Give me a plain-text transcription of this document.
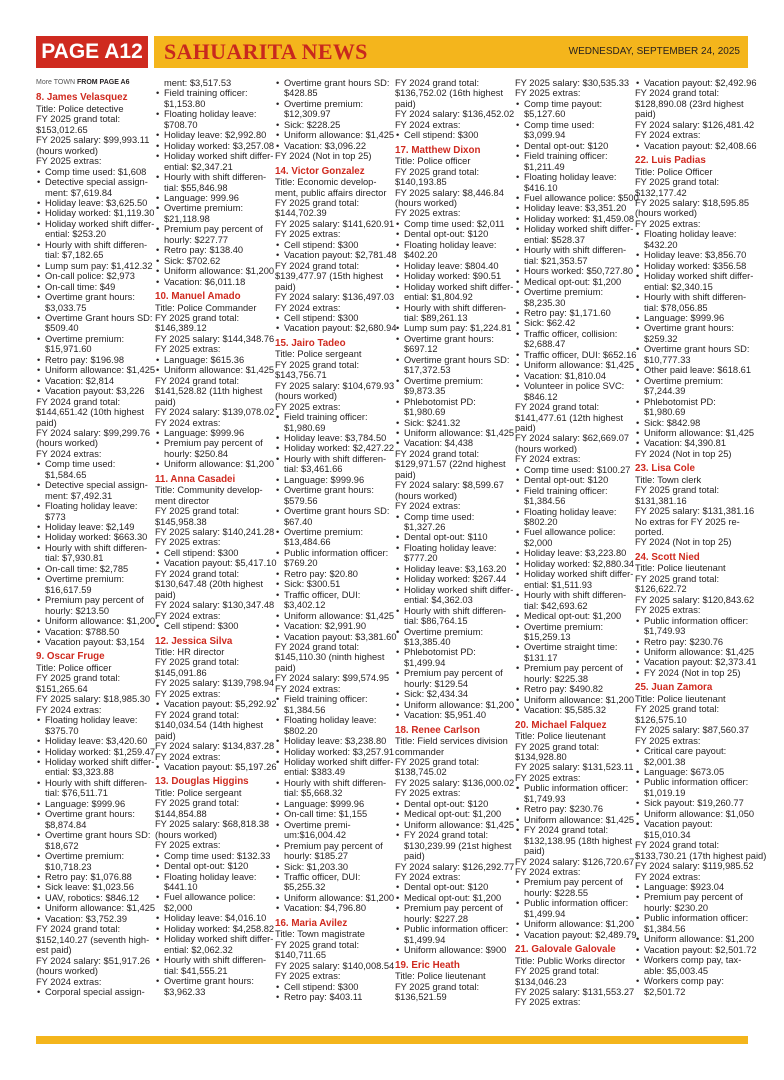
PAGE A12 SAHUARITA NEWS	WEDNESDAY, SEPTEMBER 24, 2025
More TOWN FROM PAGE A6
8. James Velasquez
Title: Police detective
FY 2025 grand total:
$153,012.65
FY 2025 salary: $99,993.11
(hours worked)
FY 2025 extras:
• Comp time used: $1,608
• Detective special assign-
ment: $7,619.84
• Holiday leave: $3,625.50
• Holiday worked: $1,119.30
• Holiday worked shift differ-
ential: $253.20
• Hourly with shift differen-
tial: $7,182.65
• Lump sum pay: $1,412.32
• On-call police: $2,973
• On-call time: $49
• Overtime grant hours:
$3,033.75
• Overtime Grant hours SD:
$509.40
• Overtime premium:
$15,971.60
• Retro pay: $196.98
• Uniform allowance: $1,425
• Vacation: $2,814
• Vacation payout: $3,226
FY 2024 grand total:
$144,651.42 (10th highest
paid)
FY 2024 salary: $99,299.76
(hours worked)
FY 2024 extras:
• Comp time used:
$1,584.65
• Detective special assign-
ment: $7,492.31
• Floating holiday leave:
$773
• Holiday leave: $2,149
• Holiday worked: $663.30
• Hourly with shift differen-
tial: $7,930.81
• On-call time: $2,785
• Overtime premium:
$16,617.59
• Premium pay percent of
hourly: $213.50
• Uniform allowance: $1,200
• Vacation: $788.50
• Vacation payout: $3,154
9. Oscar Fruge
Title: Police officer
FY 2025 grand total:
$151,265.64
FY 2025 salary: $18,985.30
FY 2024 extras:
• Floating holiday leave:
$375.70
• Holiday leave: $3,420.60
• Holiday worked: $1,259.47
• Holiday worked shift differ-
ential: $3,323.88
• Hourly with shift differen-
tial: $76,511.71
• Language: $999.96
• Overtime grant hours:
$8,874.84
• Overtime grant hours SD:
$18,672
• Overtime premium:
$10,718.23
• Retro pay: $1,076.88
• Sick leave: $1,023.56
• UAV, robotics: $846.12
• Uniform allowance: $1,425
• Vacation: $3,752.39
FY 2024 grand total:
$152,140.27 (seventh high-
est paid)
FY 2024 salary: $51,917.26
(hours worked)
FY 2024 extras:
• Corporal special assign-
ment: $3,517.53
• Field training officer:
$1,153.80
• Floating holiday leave:
$708.70
• Holiday leave: $2,992.80
• Holiday worked: $3,257.08
• Holiday worked shift differ-
ential: $2,347.21
• Hourly with shift differen-
tial: $55,846.98
• Language: 999.96
• Overtime premium:
$21,118.98
• Premium pay percent of
hourly: $227.77
• Retro pay: $138.40
• Sick: $702.62
• Uniform allowance: $1,200
• Vacation: $6,011.18
10. Manuel Amado
Title: Police Commander
FY 2025 grand total:
$146,389.12
FY 2025 salary: $144,348.76
FY 2025 extras:
• Language: $615.36
• Uniform allowance: $1,425
FY 2024 grand total:
$141,528.82 (11th highest
paid)
FY 2024 salary: $139,078.02
FY 2024 extras:
• Language: $999.96
• Premium pay percent of
hourly: $250.84
• Uniform allowance: $1,200
11. Anna Casadei
Title: Community develop-
ment director
FY 2025 grand total:
$145,958.38
FY 2025 salary: $140,241.28
FY 2025 extras:
• Cell stipend: $300
• Vacation payout: $5,417.10
FY 2024 grand total:
$130,647.48 (20th highest
paid)
FY 2024 salary: $130,347.48
FY 2024 extras:
• Cell stipend: $300
12. Jessica Silva
Title: HR director
FY 2025 grand total:
$145,091.86
FY 2025 salary: $139,798.94
FY 2025 extras:
• Vacation payout: $5,292.92
FY 2024 grand total:
$140,034.54 (14th highest
paid)
FY 2024 salary: $134,837.28
FY 2024 extras:
• Vacation payout: $5,197.26
13. Douglas Higgins
Title: Police sergeant
FY 2025 grand total:
$144,854.88
FY 2025 salary: $68,818.38
(hours worked)
FY 2025 extras:
• Comp time used: $132.33
• Dental opt-out: $120
• Floating holiday leave:
$441.10
• Fuel allowance police:
$2,000
• Holiday leave: $4,016.10
• Holiday worked: $4,258.82
• Holiday worked shift differ-
ential: $2,062.32
• Hourly with shift differen-
tial: $41,555.21
• Overtime grant hours:
$3,962.33
• Overtime grant hours SD:
$428.85
• Overtime premium:
$12,309.97
• Sick: $228.25
• Uniform allowance: $1,425
• Vacation: $3,096.22
FY 2024 (Not in top 25)
14. Victor Gonzalez
Title: Economic develop-
ment, public affairs director
FY 2025 grand total:
$144,702.39
FY 2025 salary: $141,620.91
FY 2025 extras:
• Cell stipend: $300
• Vacation payout: $2,781.48
FY 2024 grand total:
$139,477.97 (15th highest
paid)
FY 2024 salary: $136,497.03
FY 2024 extras:
• Cell stipend: $300
• Vacation payout: $2,680.94
15. Jairo Tadeo
Title: Police sergeant
FY 2025 grand total:
$143,756.71
FY 2025 salary: $104,679.93
(hours worked)
FY 2025 extras:
• Field training officer:
$1,980.69
• Holiday leave: $3,784.50
• Holiday worked: $2,427.22
• Hourly with shift differen-
tial: $3,461.66
• Language: $999.96
• Overtime grant hours:
$579.56
• Overtime grant hours SD:
$67.40
• Overtime premium:
$13,484.66
• Public information officer:
$769.20
• Retro pay: $20.80
• Sick: $300.51
• Traffic officer, DUI:
$3,402.12
• Uniform allowance: $1,425
• Vacation: $2,991.90
• Vacation payout: $3,381.60
FY 2024 grand total:
$145,110.30 (ninth highest
paid)
FY 2024 salary: $99,574.95
FY 2024 extras:
• Field training officer:
$1,384.56
• Floating holiday leave:
$802.20
• Holiday leave: $3,238.80
• Holiday worked: $3,257.91
• Holiday worked shift differ-
ential: $383.49
• Hourly with shift differen-
tial: $5,668.32
• Language: $999.96
• On-call time: $1,155
• Overtime premi-
um:$16,004.42
• Premium pay percent of
hourly: $185.27
• Sick: $1,203.30
• Traffic officer, DUI:
$5,255.32
• Uniform allowance: $1,200
• Vacation: $4,796.80
16. Maria Avilez
Title: Town magistrate
FY 2025 grand total:
$140,711.65
FY 2025 salary: $140,008.54
FY 2025 extras:
• Cell stipend: $300
• Retro pay: $403.11
FY 2024 grand total:
$136,752.02 (16th highest
paid)
FY 2024 salary: $136,452.02
FY 2024 extras:
• Cell stipend: $300
17. Matthew Dixon
Title: Police officer
FY 2025 grand total:
$140,193.85
FY 2025 salary: $8,446.84
(hours worked)
FY 2025 extras:
• Comp time used: $2,011
• Dental opt-out: $120
• Floating holiday leave:
$402.20
• Holiday leave: $804.40
• Holiday worked: $90.51
• Holiday worked shift differ-
ential: $1,804.92
• Hourly with shift differen-
tial: $89,261.13
• Lump sum pay: $1,224.81
• Overtime grant hours:
$697.12
• Overtime grant hours SD:
$17,372.53
• Overtime premium:
$9,873.35
• Phlebotomist PD:
$1,980.69
• Sick: $241.32
• Uniform allowance: $1,425
• Vacation: $4,438
FY 2024 grand total:
$129,971.57 (22nd highest
paid)
FY 2024 salary: $8,599.67
(hours worked)
FY 2024 extras:
• Comp time used:
$1,327.26
• Dental opt-out: $110
• Floating holiday leave:
$777.20
• Holiday leave: $3,163.20
• Holiday worked: $267.44
• Holiday worked shift differ-
ential: $4,362.03
• Hourly with shift differen-
tial: $86,764.15
• Overtime premium:
$13,385.40
• Phlebotomist PD:
$1,499.94
• Premium pay percent of
hourly: $129.54
• Sick: $2,434.34
• Uniform allowance: $1,200
• Vacation: $5,951.40
18. Renee Carlson
Title: Field services division
commander
FY 2025 grand total:
$138,745.02
FY 2025 salary: $136,000.02
FY 2025 extras:
• Dental opt-out: $120
• Medical opt-out: $1,200
• Uniform allowance: $1,425
• FY 2024 grand total:
$130,239.99 (21st highest
paid)
FY 2024 salary: $126,292.77
FY 2024 extras:
• Dental opt-out: $120
• Medical opt-out: $1,200
• Premium pay percent of
hourly: $227.28
• Public information officer:
$1,499.94
• Uniform allowance: $900
19. Eric Heath
Title: Police lieutenant
FY 2025 grand total:
$136,521.59
FY 2025 salary: $30,535.33
FY 2025 extras:
• Comp time payout:
$5,127.60
• Comp time used:
$3,099.94
• Dental opt-out: $120
• Field training officer:
$1,211.49
• Floating holiday leave:
$416.10
• Fuel allowance police: $500
• Holiday leave: $3,351.20
• Holiday worked: $1,459.08
• Holiday worked shift differ-
ential: $528.37
• Hourly with shift differen-
tial: $21,353.57
• Hours worked: $50,727.80
• Medical opt-out: $1,200
• Overtime premium:
$8,235.30
• Retro pay: $1,171.60
• Sick: $62.42
• Traffic officer, collision:
$2,688.47
• Traffic officer, DUI: $652.16
• Uniform allowance: $1,425
• Vacation: $1,810.04
• Volunteer in police SVC:
$846.12
FY 2024 grand total:
$141,477.61 (12th highest
paid)
FY 2024 salary: $62,669.07
(hours worked)
FY 2024 extras:
• Comp time used: $100.27
• Dental opt-out: $120
• Field training officer:
$1,384.56
• Floating holiday leave:
$802.20
• Fuel allowance police:
$2,000
• Holiday leave: $3,223.80
• Holiday worked: $2,880.34
• Holiday worked shift differ-
ential: $1,511.93
• Hourly with shift differen-
tial: $42,693.62
• Medical opt-out: $1,200
• Overtime premium:
$15,259.13
• Overtime straight time:
$131.17
• Premium pay percent of
hourly: $225.38
• Retro pay: $490.82
• Uniform allowance: $1,200
• Vacation: $5,585.32
20. Michael Falquez
Title: Police lieutenant
FY 2025 grand total:
$134,928.80
FY 2025 salary: $131,523.11
FY 2025 extras:
• Public information officer:
$1,749.93
• Retro pay: $230.76
• Uniform allowance: $1,425
• FY 2024 grand total:
$132,138.95 (18th highest
paid)
FY 2024 salary: $126,720.67
FY 2024 extras:
• Premium pay percent of
hourly: $228.55
• Public information officer:
$1,499.94
• Uniform allowance: $1,200
• Vacation payout: $2,489.79
21. Galovale Galovale
Title: Public Works director
FY 2025 grand total:
$134,046.23
FY 2025 salary: $131,553.27
FY 2025 extras:
• Vacation payout: $2,492.96
FY 2024 grand total:
$128,890.08 (23rd highest
paid)
FY 2024 salary: $126,481.42
FY 2024 extras:
• Vacation payout: $2,408.66
22. Luis Padias
Title: Police Officer
FY 2025 grand total:
$132,177.42
FY 2025 salary: $18,595.85
(hours worked)
FY 2025 extras:
• Floating holiday leave:
$432.20
• Holiday leave: $3,856.70
• Holiday worked: $356.58
• Holiday worked shift differ-
ential: $2,340.15
• Hourly with shift differen-
tial: $78,056.85
• Language: $999.96
• Overtime grant hours:
$259.32
• Overtime grant hours SD:
$10,777.33
• Other paid leave: $618.61
• Overtime premium:
$7,244.39
• Phlebotomist PD:
$1,980.69
• Sick: $842.98
• Uniform allowance: $1,425
• Vacation: $4,390.81
FY 2024 (Not in top 25)
23. Lisa Cole
Title: Town clerk
FY 2025 grand total:
$131,381.16
FY 2025 salary: $131,381.16
No extras for FY 2025 re-
ported.
FY 2024 (Not in top 25)
24. Scott Nied
Title: Police lieutenant
FY 2025 grand total:
$126,622.72
FY 2025 salary: $120,843.62
FY 2025 extras:
• Public information officer:
$1,749.93
• Retro pay: $230.76
• Uniform allowance: $1,425
• Vacation payout: $2,373.41
• FY 2024 (Not in top 25)
25. Juan Zamora
Title: Police lieutenant
FY 2025 grand total:
$126,575.10
FY 2025 salary: $87,560.37
FY 2025 extras:
• Critical care payout:
$2,001.38
• Language: $673.05
• Public information officer:
$1,019.19
• Sick payout: $19,260.77
• Uniform allowance: $1,050
• Vacation payout:
$15,010.34
FY 2024 grand total:
$133,730.21 (17th highest paid)
FY 2024 salary: $119,985.52
FY 2024 extras:
• Language: $923.04
• Premium pay percent of
hourly: $230.20
• Public information officer:
$1,384.56
• Uniform allowance: $1,200
• Vacation payout: $2,501.72
• Workers comp pay, tax-
able: $5,003.45
• Workers comp pay:
$2,501.72
